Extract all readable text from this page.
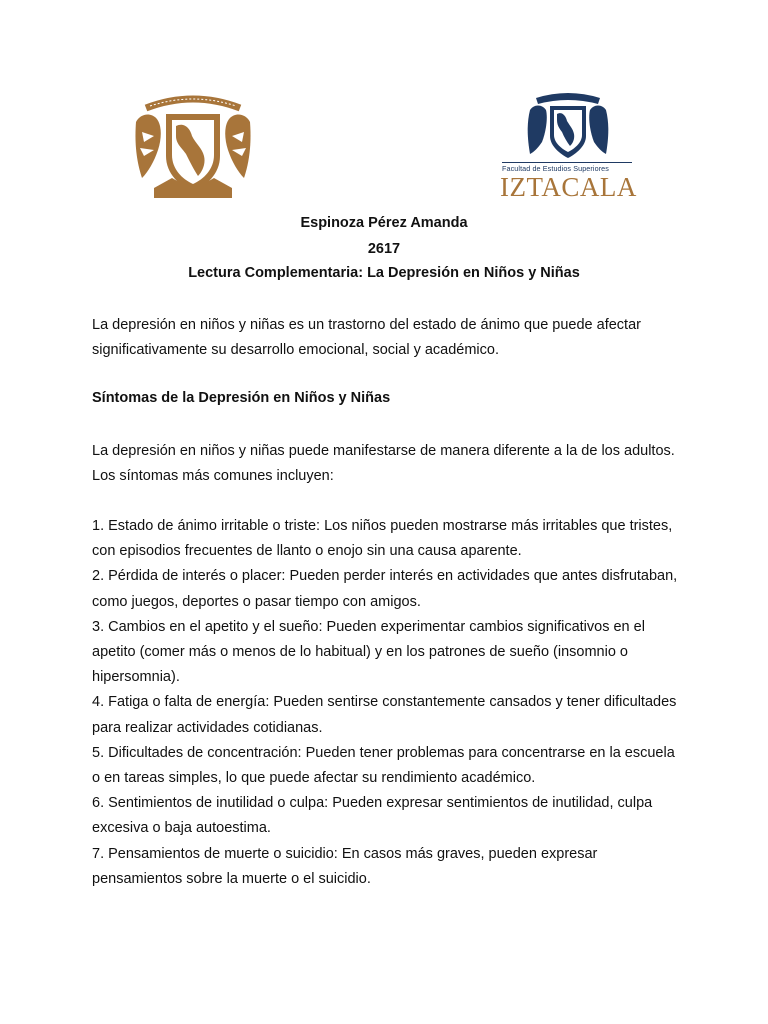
Facultad de Estudios Superiores
IZTACALA
Espinoza Pérez Amanda
2617
Lectura Complementaria: La Depresión en Niños y Niñas
La depresión en niños y niñas es un trastorno del estado de ánimo que puede afectar significativamente su desarrollo emocional, social y académico.
Síntomas de la Depresión en Niños y Niñas
La depresión en niños y niñas puede manifestarse de manera diferente a la de los adultos. Los síntomas más comunes incluyen:
1. Estado de ánimo irritable o triste: Los niños pueden mostrarse más irritables que tristes, con episodios frecuentes de llanto o enojo sin una causa aparente.
2. Pérdida de interés o placer: Pueden perder interés en actividades que antes disfrutaban, como juegos, deportes o pasar tiempo con amigos.
3. Cambios en el apetito y el sueño: Pueden experimentar cambios significativos en el apetito (comer más o menos de lo habitual) y en los patrones de sueño (insomnio o hipersomnia).
4. Fatiga o falta de energía: Pueden sentirse constantemente cansados y tener dificultades para realizar actividades cotidianas.
5. Dificultades de concentración: Pueden tener problemas para concentrarse en la escuela o en tareas simples, lo que puede afectar su rendimiento académico.
6. Sentimientos de inutilidad o culpa: Pueden expresar sentimientos de inutilidad, culpa excesiva o baja autoestima.
7. Pensamientos de muerte o suicidio: En casos más graves, pueden expresar pensamientos sobre la muerte o el suicidio.
